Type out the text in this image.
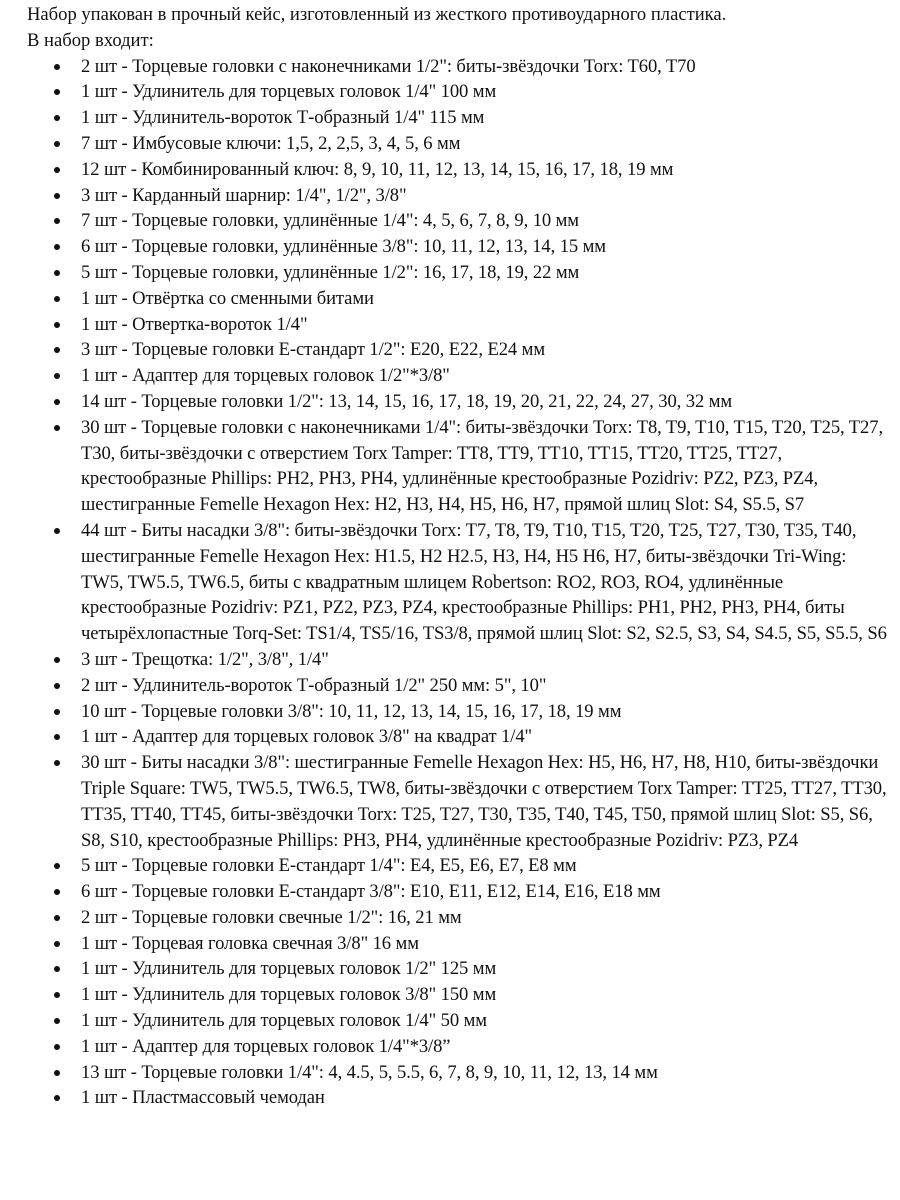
Набор упакован в прочный кейс, изготовленный из жесткого противоударного пластика.

В набор входит:

2 шт - Торцевые головки с наконечниками 1/2": биты-звёздочки Torx: T60, T70
1 шт - Удлинитель для торцевых головок 1/4" 100 мм
1 шт - Удлинитель-вороток Т-образный 1/4" 115 мм
7 шт - Имбусовые ключи: 1,5, 2, 2,5, 3, 4, 5, 6 мм
12 шт - Комбинированный ключ: 8, 9, 10, 11, 12, 13, 14, 15, 16, 17, 18, 19 мм
3 шт - Карданный шарнир: 1/4", 1/2", 3/8"
7 шт - Торцевые головки, удлинённые 1/4": 4, 5, 6, 7, 8, 9, 10 мм
6 шт - Торцевые головки, удлинённые 3/8": 10, 11, 12, 13, 14, 15 мм
5 шт - Торцевые головки, удлинённые 1/2": 16, 17, 18, 19, 22 мм
1 шт - Отвёртка со сменными битами
1 шт - Отвертка-вороток 1/4"
3 шт - Торцевые головки Е-стандарт 1/2": Е20, Е22, Е24 мм
1 шт - Адаптер для торцевых головок 1/2"*3/8"
14 шт - Торцевые головки 1/2": 13, 14, 15, 16, 17, 18, 19, 20, 21, 22, 24, 27, 30, 32 мм
30 шт - Торцевые головки с наконечниками 1/4": биты-звёздочки Torx: T8, T9, T10, T15, T20, T25, T27, T30, биты-звёздочки с отверстием Torx Tamper: TT8, TT9, TT10, TT15, TT20, TT25, TT27, крестообразные Phillips: PH2, PH3, PH4, удлинённые крестообразные Pozidriv: PZ2, PZ3, PZ4, шестигранные Femelle Hexagon Hex: H2, H3, H4, H5, H6, H7, прямой шлиц Slot: S4, S5.5, S7
44 шт - Биты насадки 3/8": биты-звёздочки Torx: T7, T8, T9, T10, T15, T20, T25, T27, T30, T35, T40, шестигранные Femelle Hexagon Hex: H1.5, H2 H2.5, H3, H4, H5 H6, H7, биты-звёздочки Tri-Wing: TW5, TW5.5, TW6.5, биты с квадратным шлицем Robertson: RO2, RO3, RO4, удлинённые крестообразные Pozidriv: PZ1, PZ2, PZ3, PZ4, крестообразные Phillips: PH1, PH2, PH3, PH4, биты четырёхлопастные Torq-Set: TS1/4, TS5/16, TS3/8, прямой шлиц Slot: S2, S2.5, S3, S4, S4.5, S5, S5.5, S6
3 шт - Трещотка: 1/2", 3/8", 1/4"
2 шт - Удлинитель-вороток Т-образный 1/2" 250 мм: 5", 10"
10 шт - Торцевые головки 3/8": 10, 11, 12, 13, 14, 15, 16, 17, 18, 19 мм
1 шт - Адаптер для торцевых головок 3/8" на квадрат 1/4"
30 шт - Биты насадки 3/8": шестигранные Femelle Hexagon Hex: H5, H6, H7, H8, H10, биты-звёздочки Triple Square: TW5, TW5.5, TW6.5, TW8, биты-звёздочки с отверстием Torx Tamper: TT25, TT27, TT30, TT35, TT40, TT45, биты-звёздочки Torx: T25, T27, T30, T35, T40, T45, T50, прямой шлиц Slot: S5, S6, S8, S10, крестообразные Phillips: PH3, PH4, удлинённые крестообразные Pozidriv: PZ3, PZ4
5 шт - Торцевые головки Е-стандарт 1/4": Е4, Е5, Е6, Е7, Е8 мм
6 шт - Торцевые головки Е-стандарт 3/8": Е10, Е11, Е12, Е14, Е16, Е18 мм
2 шт - Торцевые головки свечные 1/2": 16, 21 мм
1 шт - Торцевая головка свечная 3/8" 16 мм
1 шт - Удлинитель для торцевых головок 1/2" 125 мм
1 шт - Удлинитель для торцевых головок 3/8" 150 мм
1 шт - Удлинитель для торцевых головок 1/4" 50 мм
1 шт - Адаптер для торцевых головок 1/4"*3/8”
13 шт - Торцевые головки 1/4": 4, 4.5, 5, 5.5, 6, 7, 8, 9, 10, 11, 12, 13, 14 мм
1 шт - Пластмассовый чемодан
